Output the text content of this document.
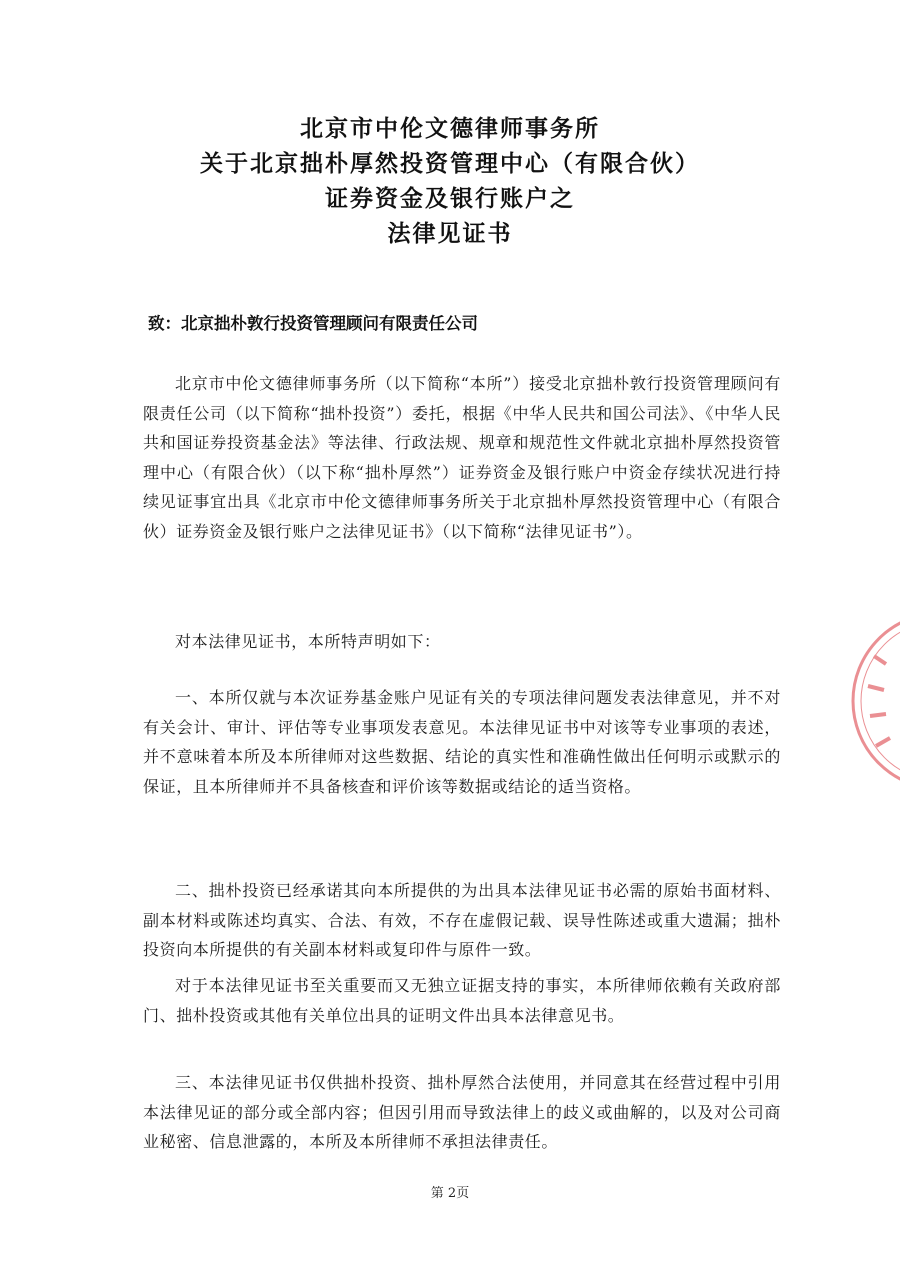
北京市中伦文德律师事务所
关于北京拙朴厚然投资管理中心（有限合伙）
证券资金及银行账户之
法律见证书
致：北京拙朴敦行投资管理顾问有限责任公司

北京市中伦文德律师事务所（以下简称“本所”）接受北京拙朴敦行投资管理顾问有限责任公司（以下简称“拙朴投资”）委托，根据《中华人民共和国公司法》、《中华人民共和国证券投资基金法》等法律、行政法规、规章和规范性文件就北京拙朴厚然投资管理中心（有限合伙）（以下称“拙朴厚然”）证券资金及银行账户中资金存续状况进行持续见证事宜出具《北京市中伦文德律师事务所关于北京拙朴厚然投资管理中心（有限合伙）证券资金及银行账户之法律见证书》（以下简称“法律见证书”）。

对本法律见证书，本所特声明如下：

一、本所仅就与本次证券基金账户见证有关的专项法律问题发表法律意见，并不对有关会计、审计、评估等专业事项发表意见。本法律见证书中对该等专业事项的表述，并不意味着本所及本所律师对这些数据、结论的真实性和准确性做出任何明示或默示的保证，且本所律师并不具备核查和评价该等数据或结论的适当资格。

二、拙朴投资已经承诺其向本所提供的为出具本法律见证书必需的原始书面材料、副本材料或陈述均真实、合法、有效，不存在虚假记载、误导性陈述或重大遗漏；拙朴投资向本所提供的有关副本材料或复印件与原件一致。

对于本法律见证书至关重要而又无独立证据支持的事实，本所律师依赖有关政府部门、拙朴投资或其他有关单位出具的证明文件出具本法律意见书。

三、本法律见证书仅供拙朴投资、拙朴厚然合法使用，并同意其在经营过程中引用本法律见证的部分或全部内容；但因引用而导致法律上的歧义或曲解的，以及对公司商业秘密、信息泄露的，本所及本所律师不承担法律责任。

第 2页
